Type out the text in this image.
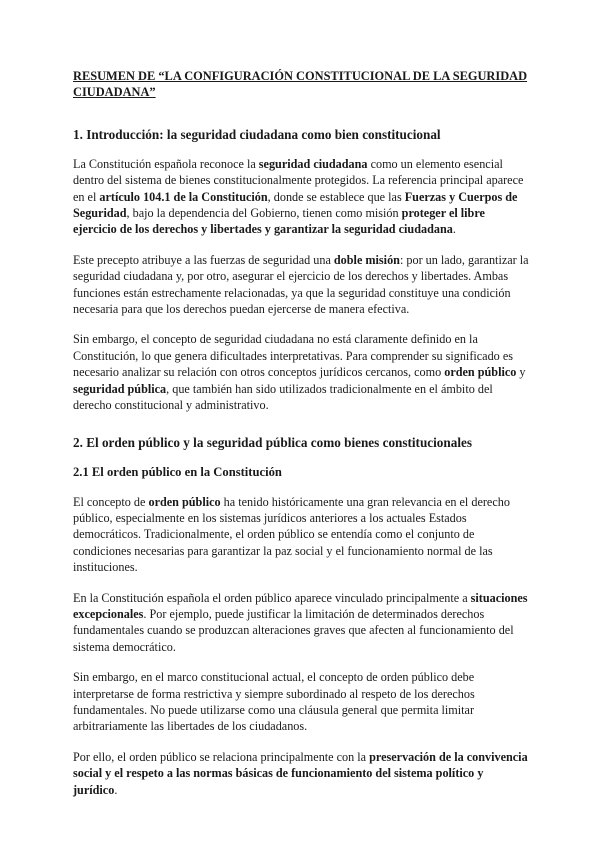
RESUMEN DE “LA CONFIGURACIÓN CONSTITUCIONAL DE LA SEGURIDAD CIUDADANA”
1. Introducción: la seguridad ciudadana como bien constitucional

La Constitución española reconoce la seguridad ciudadana como un elemento esencial dentro del sistema de bienes constitucionalmente protegidos. La referencia principal aparece en el artículo 104.1 de la Constitución, donde se establece que las Fuerzas y Cuerpos de Seguridad, bajo la dependencia del Gobierno, tienen como misión proteger el libre ejercicio de los derechos y libertades y garantizar la seguridad ciudadana.

Este precepto atribuye a las fuerzas de seguridad una doble misión: por un lado, garantizar la seguridad ciudadana y, por otro, asegurar el ejercicio de los derechos y libertades. Ambas funciones están estrechamente relacionadas, ya que la seguridad constituye una condición necesaria para que los derechos puedan ejercerse de manera efectiva.

Sin embargo, el concepto de seguridad ciudadana no está claramente definido en la Constitución, lo que genera dificultades interpretativas. Para comprender su significado es necesario analizar su relación con otros conceptos jurídicos cercanos, como orden público y seguridad pública, que también han sido utilizados tradicionalmente en el ámbito del derecho constitucional y administrativo.

2. El orden público y la seguridad pública como bienes constitucionales
2.1 El orden público en la Constitución

El concepto de orden público ha tenido históricamente una gran relevancia en el derecho público, especialmente en los sistemas jurídicos anteriores a los actuales Estados democráticos. Tradicionalmente, el orden público se entendía como el conjunto de condiciones necesarias para garantizar la paz social y el funcionamiento normal de las instituciones.

En la Constitución española el orden público aparece vinculado principalmente a situaciones excepcionales. Por ejemplo, puede justificar la limitación de determinados derechos fundamentales cuando se produzcan alteraciones graves que afecten al funcionamiento del sistema democrático.

Sin embargo, en el marco constitucional actual, el concepto de orden público debe interpretarse de forma restrictiva y siempre subordinado al respeto de los derechos fundamentales. No puede utilizarse como una cláusula general que permita limitar arbitrariamente las libertades de los ciudadanos.

Por ello, el orden público se relaciona principalmente con la preservación de la convivencia social y el respeto a las normas básicas de funcionamiento del sistema político y jurídico.
